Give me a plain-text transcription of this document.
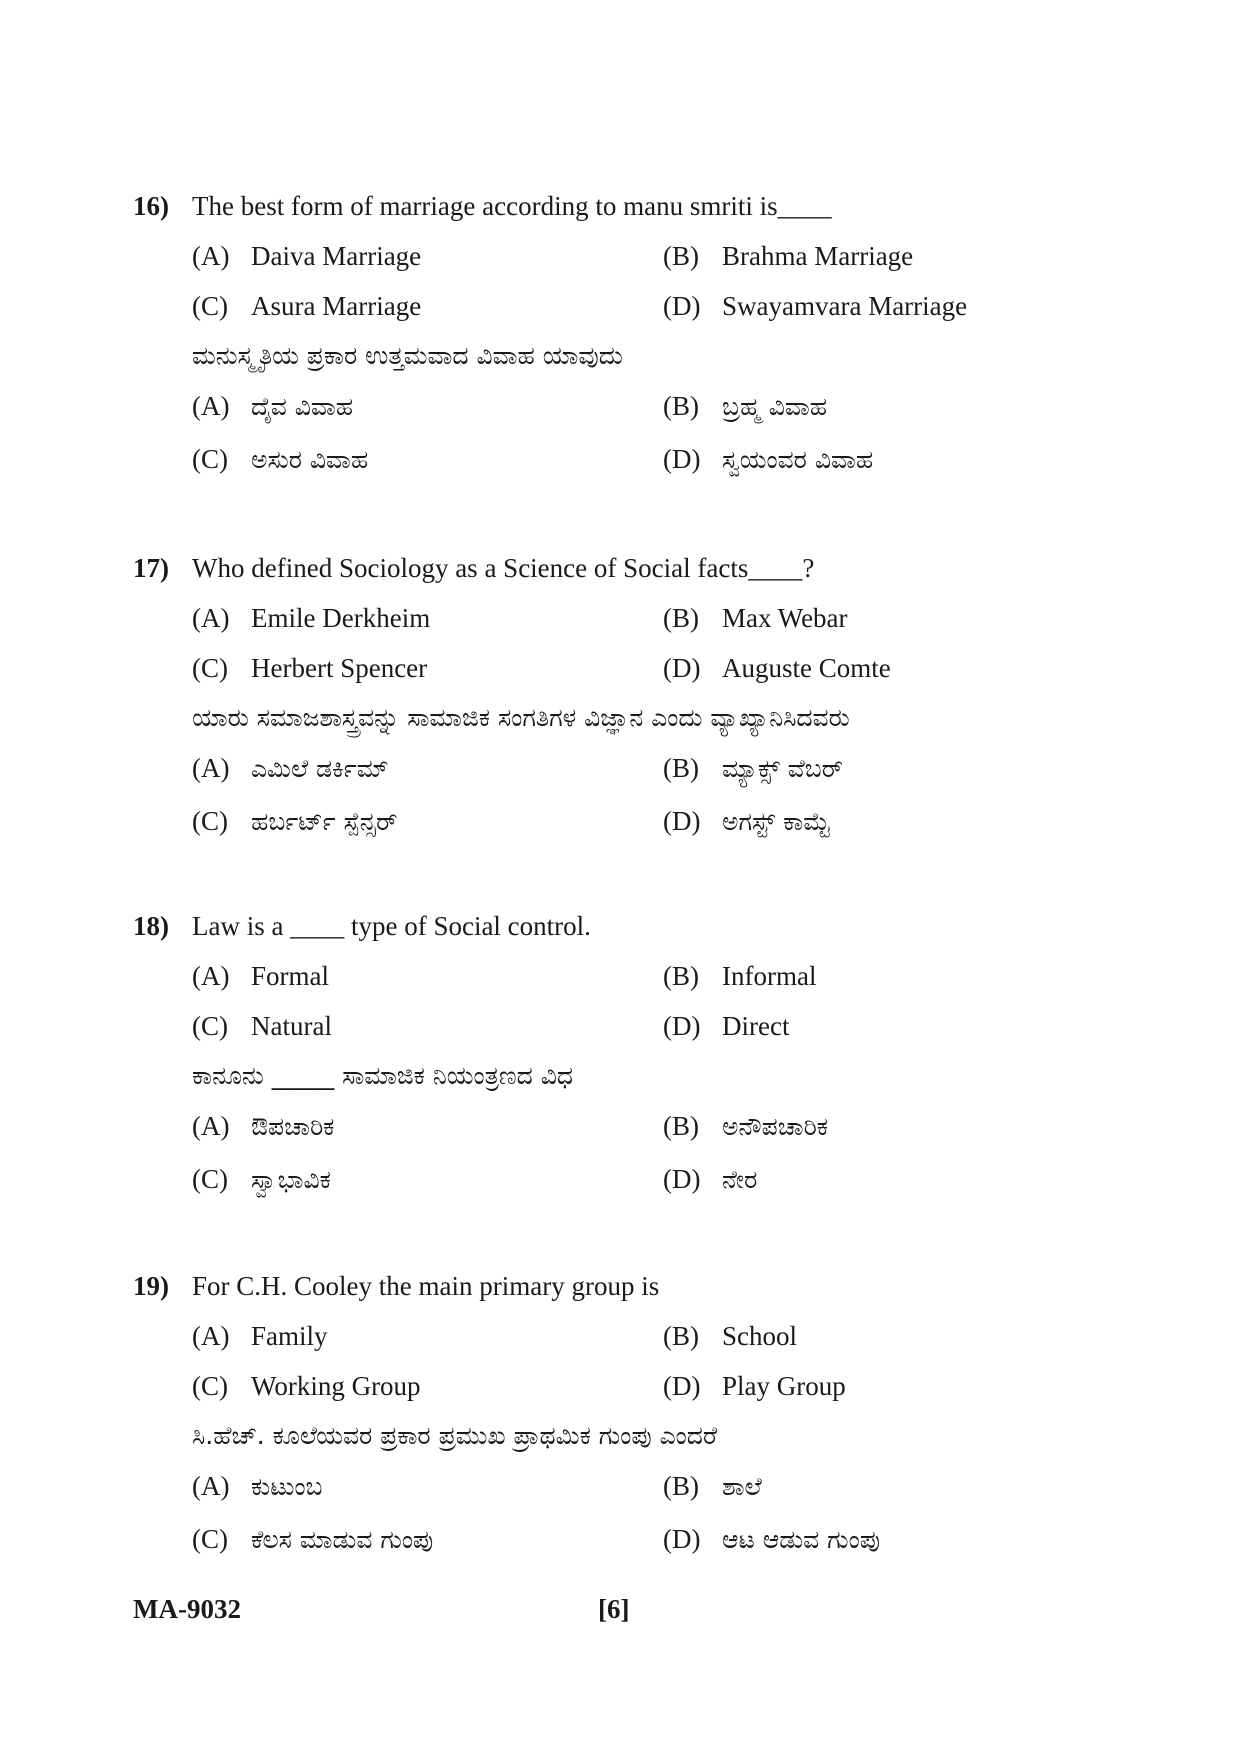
16) The best form of marriage according to manu smriti is____
(A) Daiva Marriage	(B) Brahma Marriage
(C) Asura Marriage	(D) Swayamvara Marriage
ಮನುಸ್ಮೃತಿಯ ಪ್ರಕಾರ ಉತ್ತಮವಾದ ವಿವಾಹ ಯಾವುದು
(A) ದೈವ ವಿವಾಹ	(B) ಬ್ರಹ್ಮ ವಿವಾಹ
(C) ಅಸುರ ವಿವಾಹ	(D) ಸ್ವಯಂವರ ವಿವಾಹ
17) Who defined Sociology as a Science of Social facts____?
(A) Emile Derkheim	(B) Max Webar
(C) Herbert Spencer	(D) Auguste Comte
ಯಾರು ಸಮಾಜಶಾಸ್ತ್ರವನ್ನು ಸಾಮಾಜಿಕ ಸಂಗತಿಗಳ ವಿಜ್ಞಾನ ಎಂದು ವ್ಯಾಖ್ಯಾನಿಸಿದವರು
(A) ಎಮಿಲೆ ಡರ್ಕಿಮ್	(B) ಮ್ಯಾಕ್ಸ್ ವೆಬರ್
(C) ಹರ್ಬರ್ಟ್ ಸ್ಪೆನ್ಸರ್	(D) ಅಗಸ್ಟ್ ಕಾಮ್ಟೆ
18) Law is a ____ type of Social control.
(A) Formal	(B) Informal
(C) Natural	(D) Direct
ಕಾನೂನು _____ ಸಾಮಾಜಿಕ ನಿಯಂತ್ರಣದ ವಿಧ
(A) ಔಪಚಾರಿಕ	(B) ಅನೌಪಚಾರಿಕ
(C) ಸ್ವಾಭಾವಿಕ	(D) ನೇರ
19) For C.H. Cooley the main primary group is
(A) Family	(B) School
(C) Working Group	(D) Play Group
ಸಿ.ಹೆಚ್. ಕೂಲೆಯವರ ಪ್ರಕಾರ ಪ್ರಮುಖ ಪ್ರಾಥಮಿಕ ಗುಂಪು ಎಂದರೆ
(A) ಕುಟುಂಬ	(B) ಶಾಲೆ
(C) ಕೆಲಸ ಮಾಡುವ ಗುಂಪು	(D) ಆಟ ಆಡುವ ಗುಂಪು
MA-9032	[6]
